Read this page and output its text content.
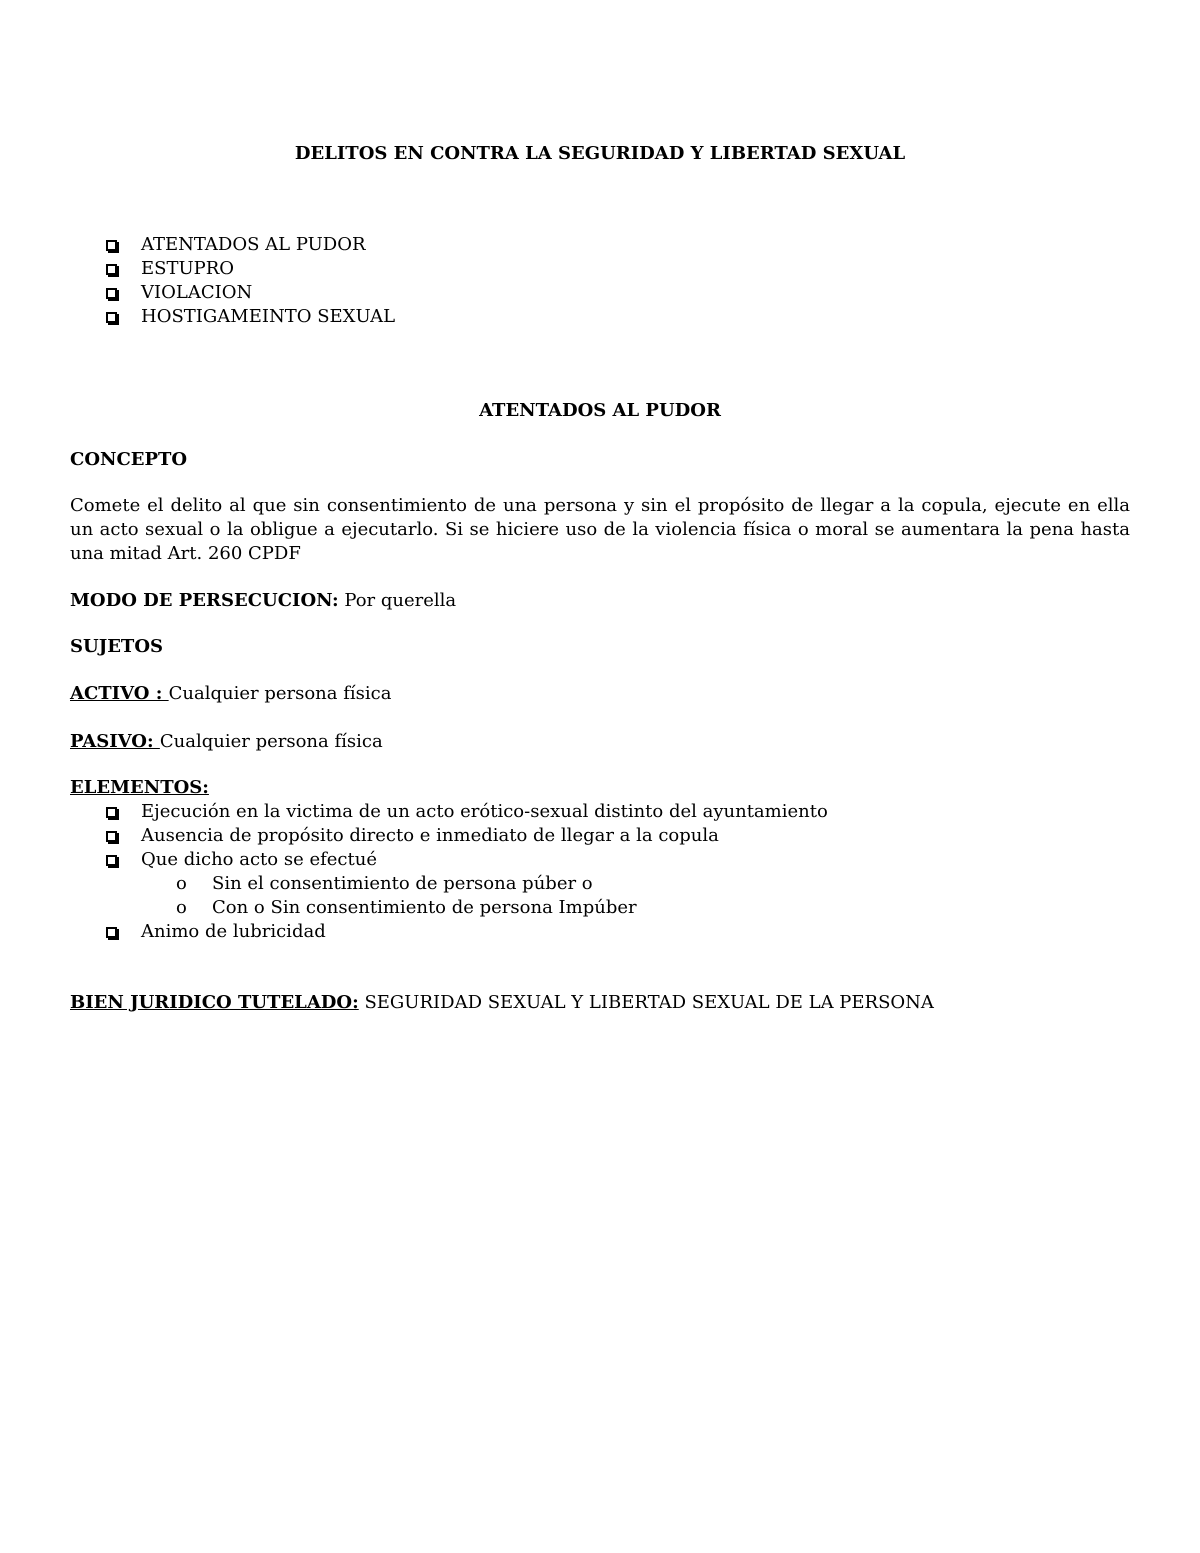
DELITOS EN CONTRA LA SEGURIDAD Y LIBERTAD SEXUAL
ATENTADOS AL PUDOR
ESTUPRO
VIOLACION
HOSTIGAMEINTO SEXUAL
ATENTADOS AL PUDOR
CONCEPTO
Comete el delito al que sin consentimiento de una persona y sin el propósito de llegar a la copula, ejecute en ella un acto sexual o la obligue a ejecutarlo. Si se hiciere uso de la violencia física o moral se aumentara la pena hasta una mitad Art. 260 CPDF
MODO DE PERSECUCION: Por querella
SUJETOS
ACTIVO : Cualquier persona física
PASIVO: Cualquier persona física
ELEMENTOS:
Ejecución en la victima de un acto erótico-sexual distinto del ayuntamiento
Ausencia de propósito directo e inmediato de llegar a la copula
Que dicho acto se efectué
o Sin el consentimiento de persona púber o
o Con o Sin consentimiento de persona Impúber
Animo de lubricidad
BIEN JURIDICO TUTELADO: SEGURIDAD SEXUAL Y LIBERTAD SEXUAL DE LA PERSONA
